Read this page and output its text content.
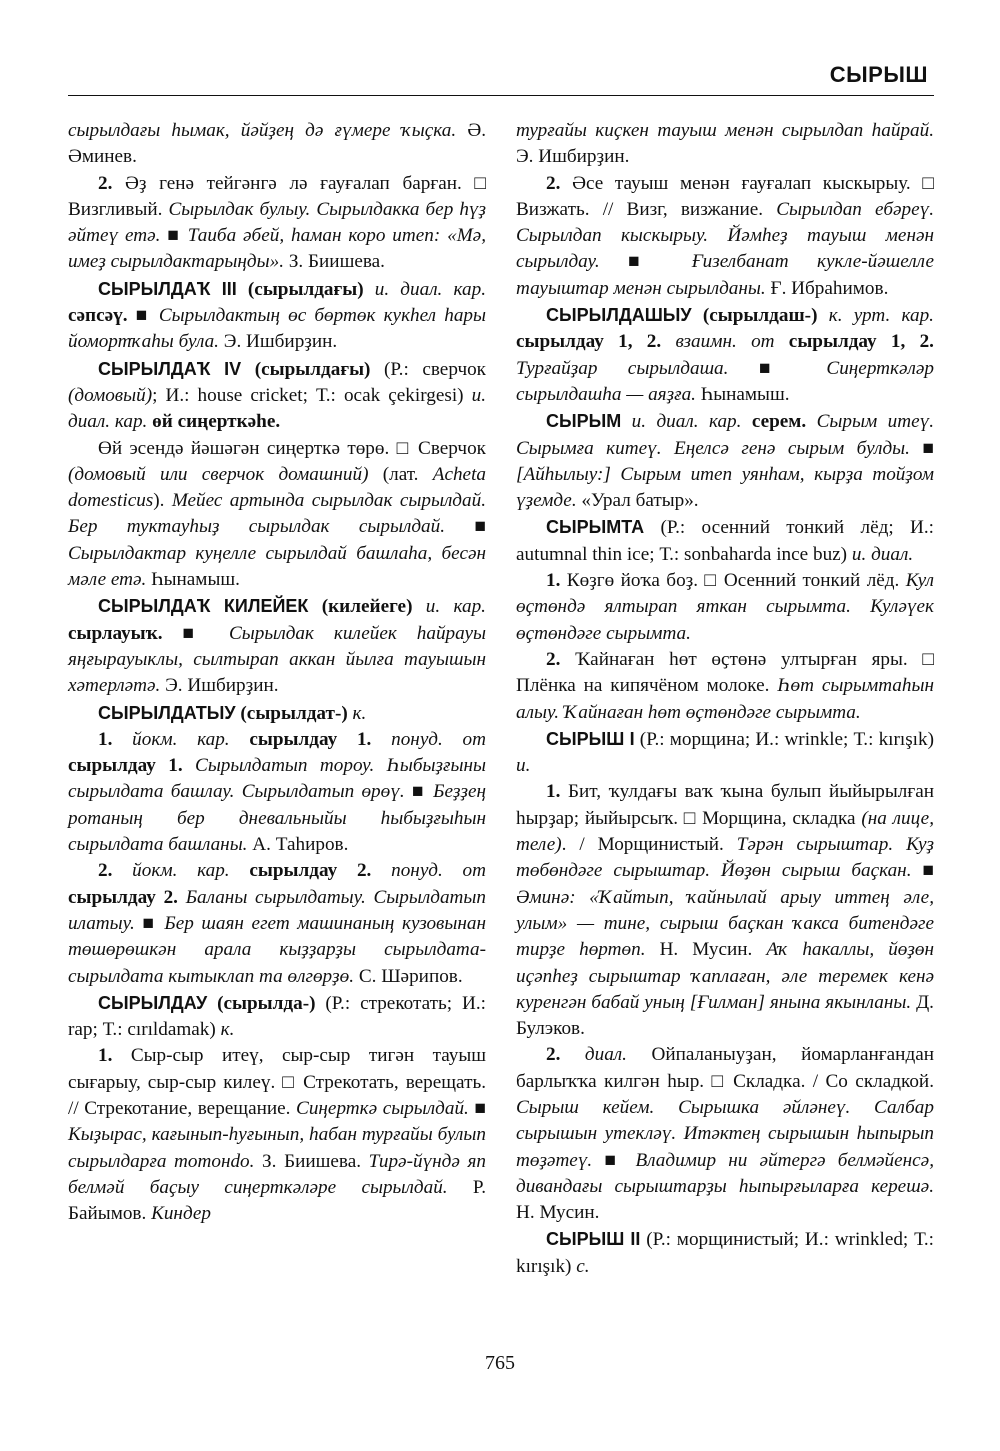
СЫРЫШ

сырылдағы һымак, йәйҙең дә ғүмере ҡыҫка. Ә. Әминев.

2. Әҙ генә тейгәнгә лә ғауғалап барған. □ Визгливый. Сырылдак булыу. Сырылдакка бер һүҙ әйтеү етә. ■ Таиба әбей, һаман коро итеп: «Мә, имеҙ сырылдактарыңды». З. Биишева.

СЫРЫЛДАҠ III (сырылдағы) и. диал. кар. сәпсәү. ■ Сырылдактың өс бөртөк кукһел һары йомортҡаһы була. Э. Ишбирҙин.

СЫРЫЛДАҠ IV (сырылдағы) (Р.: сверчок (домовый); И.: house cricket; Т.: ocak çekirgesi) и. диал. кар. өй сиңерткәһе.

Өй эсендә йәшәгән сиңерткә төрө. □ Сверчок (домовый или сверчок домашний) (лат. Acheta domesticus). Мейес артында сырылдак сырылдай. Бер туктауһыҙ сырылдак сырылдай. ■ Сырылдактар куңелле сырылдай башлаһа, бесән мәле етә. Һынамыш.

СЫРЫЛДАҠ КИЛЕЙЕК (килейеге) и. кар. сырлауыҡ. ■ Сырылдак килейек һайрауы яңғырауыклы, сылтырап аккан йылға тауышын хәтерләтә. Э. Ишбирҙин.

СЫРЫЛДАТЫУ (сырылдат-) к.

1. йокм. кар. сырылдау 1. понуд. от сырылдау 1. Сырылдатып тороу. Һыбыҙғыны сырылдата башлау. Сырылдатып өрөү. ■ Беҙҙең ротаның бер дневальныйы һыбыҙғыһын сырылдата башланы. А. Таһиров.

2. йокм. кар. сырылдау 2. понуд. от сырылдау 2. Баланы сырылдатыу. Сырылдатып илатыу. ■ Бер шаян егет машинаның кузовынан төшөрөшкән арала кыҙҙарҙы сырылдата-сырылдата кытыклап та өлгөрҙө. С. Шәрипов.

СЫРЫЛДАУ (сырылда-) (Р.: стрекотать; И.: rap; Т.: cırıldamak) к.

1. Сыр-сыр итеү, сыр-сыр тигән тауыш сығарыу, сыр-сыр килеү. □ Стрекотать, верещать. // Стрекотание, верещание. Сиңерткә сырылдай. ■ Кыҙырас, кағынып-һуғынып, һабан турғайы булып сырылдарға тотонdo. З. Биишева. Тирә-йүндә яп белмәй баҫыу сиңерткәләре сырылдай. Р. Байымов. Киндер

турғайы киҫкен тауыш менән сырылдап һайрай. Э. Ишбирҙин.

2. Әсе тауыш менән ғауғалап кыскырыу. □ Визжать. // Визг, визжание. Сырылдап ебәреү. Сырылдап кыскырыу. Йәмһеҙ тауыш менән сырылдау. ■ Ғизелбанат кукле-йәшелле тауыштар менән сырылданы. Ғ. Ибраһимов.

СЫРЫЛДАШЫУ (сырылдаш-) к. урт. кар. сырылдау 1, 2. взаимн. от сырылдау 1, 2. Турғайҙар сырылдаша. ■ Сиңерткәләр сырылдашһа — аяҙға. Һынамыш.

СЫРЫМ и. диал. кар. серем. Сырым итеү. Сырымға китеү. Еңелсә генә сырым булды. ■ [Айһылыу:] Сырым итеп уянһам, кырҙа тойҙом үҙемде. «Урал батыр».

СЫРЫМТА (Р.: осенний тонкий лёд; И.: autumnal thin ice; Т.: sonbaharda ince buz) и. диал.

1. Көҙгө йоҡа боҙ. □ Осенний тонкий лёд. Кул өҫтөндә ялтырап яткан сырымта. Куләүек өҫтөндәге сырымта.

2. Ҡайнаған һөт өҫтөнә ултырған яры. □ Плёнка на кипячёном молоке. Һөт сырымтаһын алыу. Ҡайнаған һөт өҫтөндәге сырымта.

СЫРЫШ I (Р.: морщина; И.: wrinkle; Т.: kırışık) и.

1. Бит, ҡулдағы ваҡ ҡына булып йыйырылған һырҙар; йыйырсыҡ. □ Морщина, складка (на лице, теле). / Морщинистый. Тәрән сырыштар. Куҙ төбөндәге сырыштар. Йөҙөн сырыш баҫкан. ■ Әминә: «Ҡайтып, ҡайнылай арыу иттең әле, улым» — тине, сырыш баҫкан ҡакса битендәге тирҙе һөртөп. Н. Мусин. Аҡ һакаллы, йөҙөн иҫәпһеҙ сырыштар ҡаплаған, әле теремек кенә куренгән бабай уның [Ғилман] янына якынланы. Д. Булэков.

2. диал. Ойпаланыуҙан, йомарланғандан барлыҡҡа килгән һыр. □ Складка. / Со складкой. Сырыш кейем. Сырышка әйләнеү. Салбар сырышын утекләү. Итәктең сырышын һыпырып төҙәтеү. ■ Владимир ни әйтергә белмәйенсә, дивандағы сырыштарҙы һыпырғыларға керешә. Н. Мусин.

СЫРЫШ II (Р.: морщинистый; И.: wrinkled; Т.: kırışık) с.

765
